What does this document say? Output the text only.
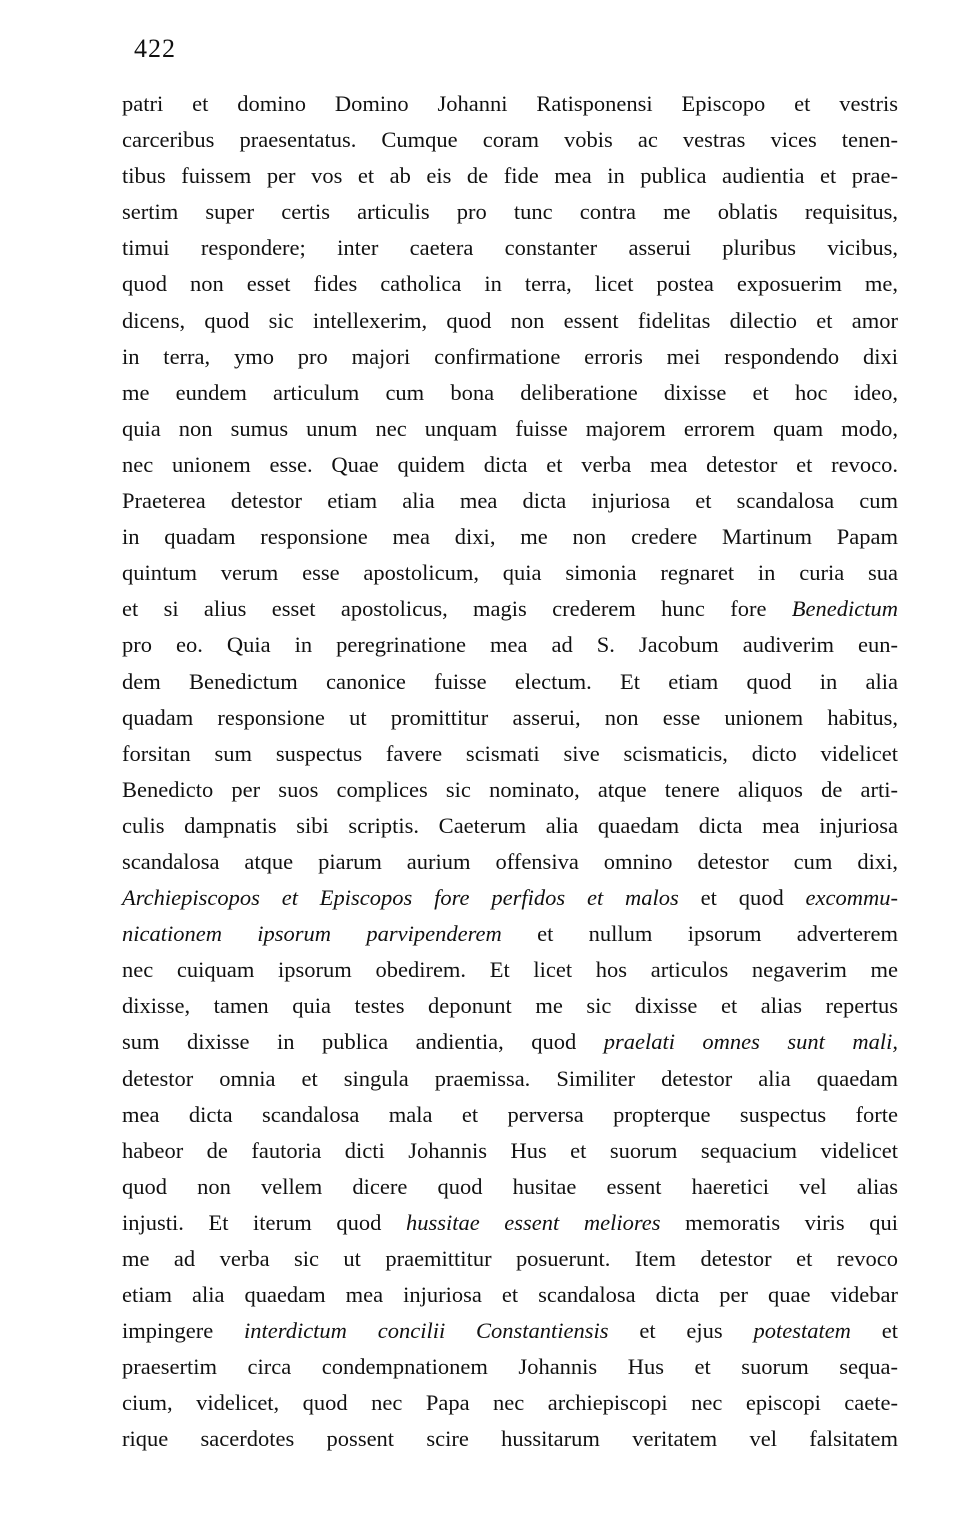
422
patri et domino Domino Johanni Ratisponensi Episcopo et vestris
carceribus praesentatus. Cumque coram vobis ac vestras vices tenen-
tibus fuissem per vos et ab eis de fide mea in publica audientia et prae-
sertim super certis articulis pro tunc contra me oblatis requisitus,
timui respondere; inter caetera constanter asserui pluribus vicibus,
quod non esset fides catholica in terra, licet postea exposuerim me,
dicens, quod sic intellexerim, quod non essent fidelitas dilectio et amor
in terra, ymo pro majori confirmatione erroris mei respondendo dixi
me eundem articulum cum bona deliberatione dixisse et hoc ideo,
quia non sumus unum nec unquam fuisse majorem errorem quam modo,
nec unionem esse. Quae quidem dicta et verba mea detestor et revoco.
Praeterea detestor etiam alia mea dicta injuriosa et scandalosa cum
in quadam responsione mea dixi, me non credere Martinum Papam
quintum verum esse apostolicum, quia simonia regnaret in curia sua
et si alius esset apostolicus, magis crederem hunc fore Benedictum
pro eo. Quia in peregrinatione mea ad S. Jacobum audiverim eun-
dem Benedictum canonice fuisse electum. Et etiam quod in alia
quadam responsione ut promittitur asserui, non esse unionem habitus,
forsitan sum suspectus favere scismati sive scismaticis, dicto videlicet
Benedicto per suos complices sic nominato, atque tenere aliquos de arti-
culis dampnatis sibi scriptis. Caeterum alia quaedam dicta mea injuriosa
scandalosa atque piarum aurium offensiva omnino detestor cum dixi,
Archiepiscopos et Episcopos fore perfidos et malos et quod excommu-
nicationem ipsorum parvipenderem et nullum ipsorum adverterem
nec cuiquam ipsorum obedirem. Et licet hos articulos negaverim me
dixisse, tamen quia testes deponunt me sic dixisse et alias repertus
sum dixisse in publica andientia, quod praelati omnes sunt mali,
detestor omnia et singula praemissa. Similiter detestor alia quaedam
mea dicta scandalosa mala et perversa propterque suspectus forte
habeor de fautoria dicti Johannis Hus et suorum sequacium videlicet
quod non vellem dicere quod husitae essent haeretici vel alias
injusti. Et iterum quod hussitae essent meliores memoratis viris qui
me ad verba sic ut praemittitur posuerunt. Item detestor et revoco
etiam alia quaedam mea injuriosa et scandalosa dicta per quae videbar
impingere interdictum concilii Constantiensis et ejus potestatem et
praesertim circa condempnationem Johannis Hus et suorum sequa-
cium, videlicet, quod nec Papa nec archiepiscopi nec episcopi caete-
rique sacerdotes possent scire hussitarum veritatem vel falsitatem
